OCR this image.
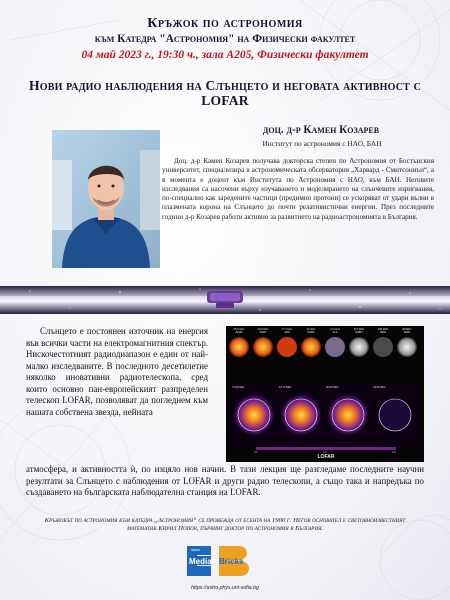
Кръжок по астрономия
към Катедра "Астрономия" на Физически факултет
04 май 2023 г., 19:30 ч., зала A205, Физически факултет
Нови радио наблюдения на Слънцето и неговата активност с LOFAR
доц. д-р Камен Козарев
Институт по астрономия с НАО, БАН
Доц. д-р Камен Козарев получава докторска степен по Астрономия от Бостънския университет, специализира в астрономическата обсерватория „Харвард - Смитсониън“, а в момента е доцент към Института по Астрономия с НАО, към БАН. Неговите изследвания са насочени върху изучаването и моделирането на слънчевите изригвания, по-специално как заредените частици (предимно протони) се ускоряват от удари вълни в плазмената корона на Слънцето до почти релативистични енергии. През последните години д-р Козарев работи активно за развитието на радиоастрономията в България.
Слънцето е постоянен източник на енергия във всички части на електромагнитния спектър. Нискочестотният радиодиапазон е един от най-малко изследваните. В последното десетилетие няколко иновативни радиотелескопа, сред които основно пан-европейският разпределен телескоп LOFAR, позволяват да погледнем към нашата собствена звезда, нейната
25.5 GHz
ALMA
10.9 GHz
SSRT
5.7 GHz
SRH
17 GHz
NoRH
1.4 GHz
VLA
327 MHz
GMRT
150 MHz
MWA
80 MHz
MWA
73.49 MHz	61.72 MHz	46.29 MHz	34.69 MHz
0.0	1.0	2.0
LOFAR
атмосфера, и активността ѝ, по изцяло нов начин. В тази лекция ще разгледаме последните научни резултати за Слънцето с наблюдения от LOFAR и други радио телескопи, а също така и напредъка по създаването на българската наблюдателна станция на LOFAR.
Кръжокът по астрономия към катедра „Астрономия“ се провежда от есента на 1900 г. Негов основател е световноизвестният математик Кирил Попов, първият доктор по астрономия в България.
www.
Media Bricks
.com
https://astro.phys.uni-sofia.bg
